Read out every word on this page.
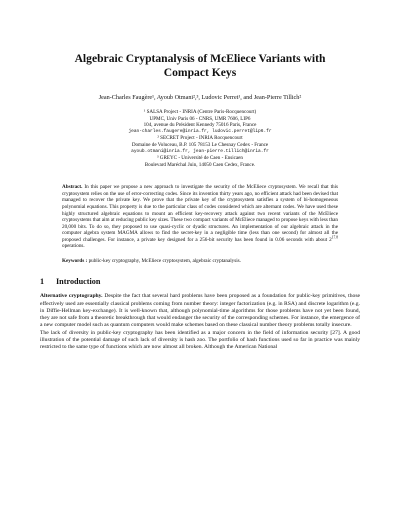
Algebraic Cryptanalysis of McEliece Variants with Compact Keys
Jean-Charles Faugère¹, Ayoub Otmani²,³, Ludovic Perret¹, and Jean-Pierre Tillich²
¹ SALSA Project - INRIA (Centre Paris-Rocquencourt)
UPMC, Univ Paris 06 - CNRS, UMR 7606, LIP6
104, avenue du Président Kennedy 75016 Paris, France
jean-charles.faugere@inria.fr, ludovic.perret@lip6.fr
² SECRET Project - INRIA Rocquencourt
Domaine de Voluceau, B.P. 105 78153 Le Chesnay Cedex - France
ayoub.otmani@inria.fr, jean-pierre.tillich@inria.fr
³ GREYC - Université de Caen - Ensicaen
Boulevard Maréchal Juin, 14050 Caen Cedex, France.
Abstract. In this paper we propose a new approach to investigate the security of the McEliece cryptosystem. We recall that this cryptosystem relies on the use of error-correcting codes. Since its invention thirty years ago, no efficient attack had been devised that managed to recover the private key. We prove that the private key of the cryptosystem satisfies a system of bi-homogeneous polynomial equations. This property is due to the particular class of codes considered which are alternant codes. We have used these highly structured algebraic equations to mount an efficient key-recovery attack against two recent variants of the McEliece cryptosystems that aim at reducing public key sizes. These two compact variants of McEliece managed to propose keys with less than 20,000 bits. To do so, they proposed to use quasi-cyclic or dyadic structures. An implementation of our algebraic attack in the computer algebra system MAGMA allows to find the secret-key in a negligible time (less than one second) for almost all the proposed challenges. For instance, a private key designed for a 256-bit security has been found in 0.06 seconds with about $2^{17.8}$ operations.
Keywords : public-key cryptography, McEliece cryptosystem, algebraic cryptanalysis.
1 Introduction
Alternative cryptography. Despite the fact that several hard problems have been proposed as a foundation for public-key primitives, those effectively used are essentially classical problems coming from number theory: integer factorization (e.g. in RSA) and discrete logarithm (e.g. in Diffie-Hellman key-exchange). It is well-known that, although polynomial-time algorithms for those problems have not yet been found, they are not safe from a theoretic breakthrough that would endanger the security of the corresponding schemes. For instance, the emergence of a new computer model such as quantum computers would make schemes based on these classical number theory problems totally insecure.
The lack of diversity in public-key cryptography has been identified as a major concern in the field of information security [27]. A good illustration of the potential damage of such lack of diversity is hash zoo. The portfolio of hash functions used so far in practice was mainly restricted to the same type of functions which are now almost all broken. Although the American National
